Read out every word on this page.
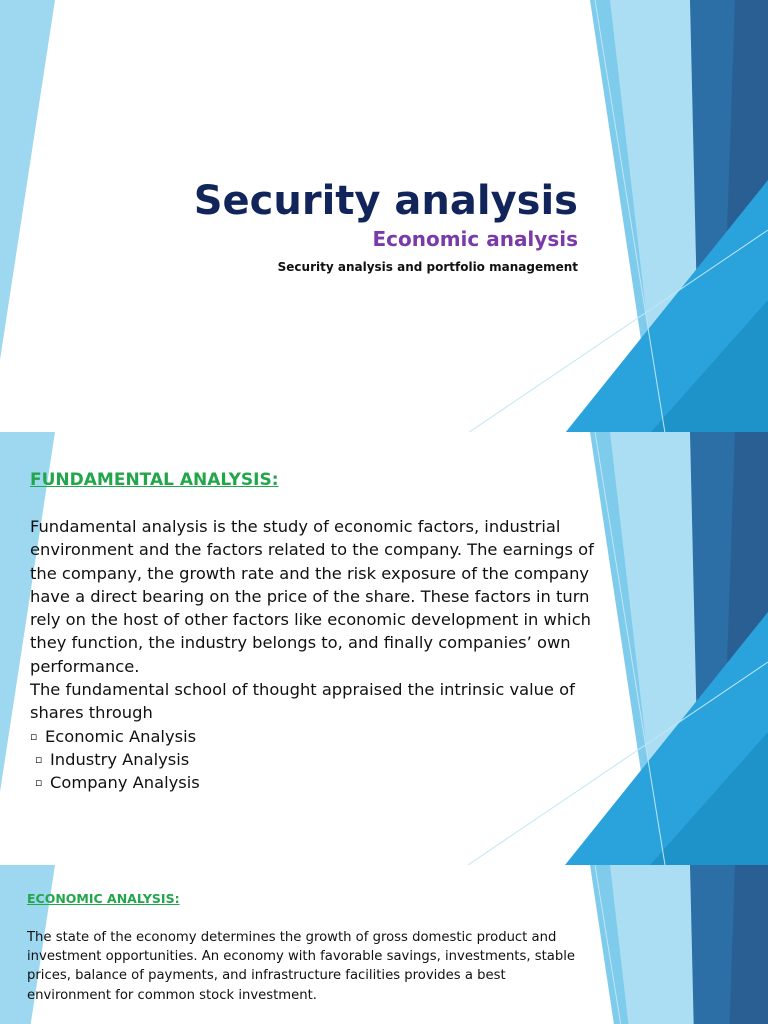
Security analysis
Economic analysis

Security analysis and portfolio management

FUNDAMENTAL ANALYSIS:

Fundamental analysis is the study of economic factors, industrial environment and the factors related to the company. The earnings of the company, the growth rate and the risk exposure of the company have a direct bearing on the price of the share. These factors in turn rely on the host of other factors like economic development in which they function, the industry belongs to, and finally companies’ own performance.

The fundamental school of thought appraised the intrinsic value of shares through

▫ Economic Analysis
▫ Industry Analysis
▫ Company Analysis
ECONOMIC ANALYSIS:

The state of the economy determines the growth of gross domestic product and investment opportunities. An economy with favorable savings, investments, stable prices, balance of payments, and infrastructure facilities provides a best environment for common stock investment.
